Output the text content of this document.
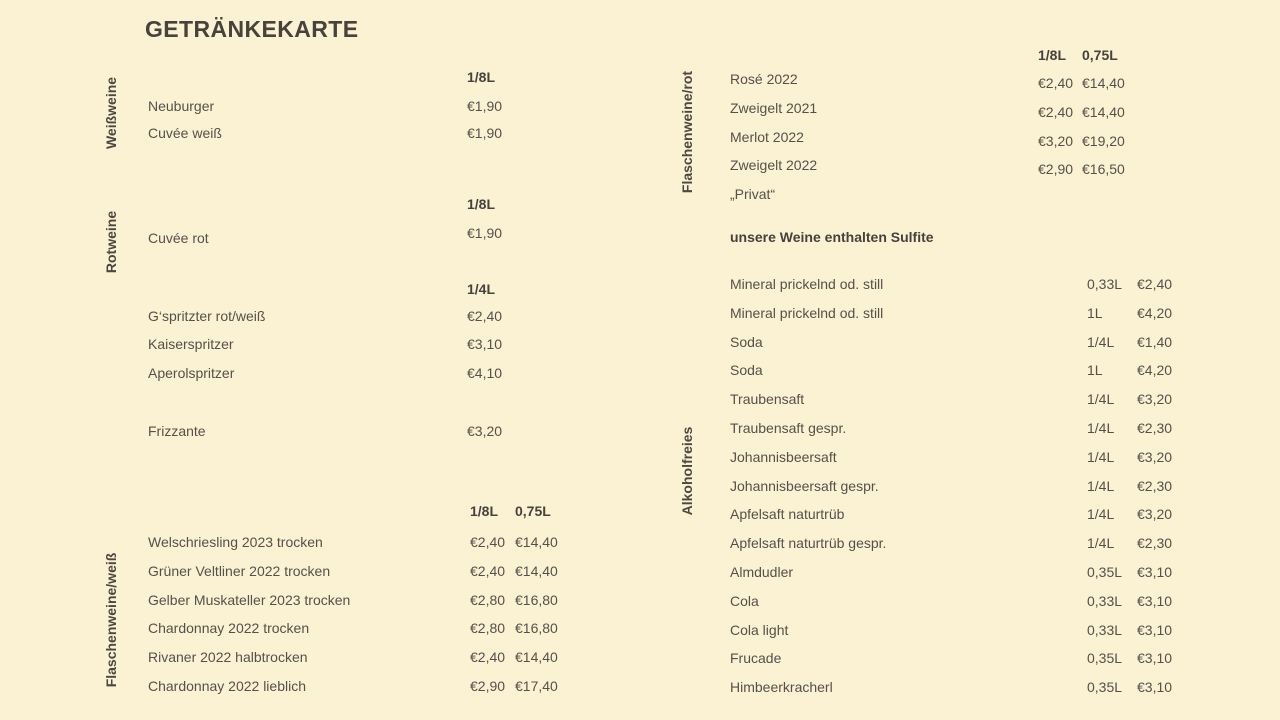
GETRÄNKEKARTE
Weißweine
Rotweine
Flaschenweine/weiß
Flaschenweine/rot
Alkoholfreies
1/8L
Neuburger	€1,90
Cuvée weiß	€1,90
1/8L
Cuvée rot	€1,90
1/4L
G‘spritzter rot/weiß	€2,40
Kaiserspritzer	€3,10
Aperolspritzer	€4,10
Frizzante	€3,20
1/8L 0,75L
Welschriesling 2023 trocken	€2,40 €14,40
Grüner Veltliner 2022 trocken	€2,40 €14,40
Gelber Muskateller 2023 trocken	€2,80 €16,80
Chardonnay 2022 trocken	€2,80 €16,80
Rivaner 2022 halbtrocken	€2,40 €14,40
Chardonnay 2022 lieblich	€2,90 €17,40
1/8L 0,75L
Rosé 2022	€2,40 €14,40
Zweigelt 2021	€2,40 €14,40
Merlot 2022	€3,20 €19,20
Zweigelt 2022	€2,90 €16,50
„Privat“
unsere Weine enthalten Sulfite
Mineral prickelnd od. still	0,33L €2,40
Mineral prickelnd od. still	1L €4,20
Soda	1/4L €1,40
Soda	1L €4,20
Traubensaft	1/4L €3,20
Traubensaft gespr.	1/4L €2,30
Johannisbeersaft	1/4L €3,20
Johannisbeersaft gespr.	1/4L €2,30
Apfelsaft naturtrüb	1/4L €3,20
Apfelsaft naturtrüb gespr.	1/4L €2,30
Almdudler	0,35L €3,10
Cola	0,33L €3,10
Cola light	0,33L €3,10
Frucade	0,35L €3,10
Himbeerkracherl	0,35L €3,10
